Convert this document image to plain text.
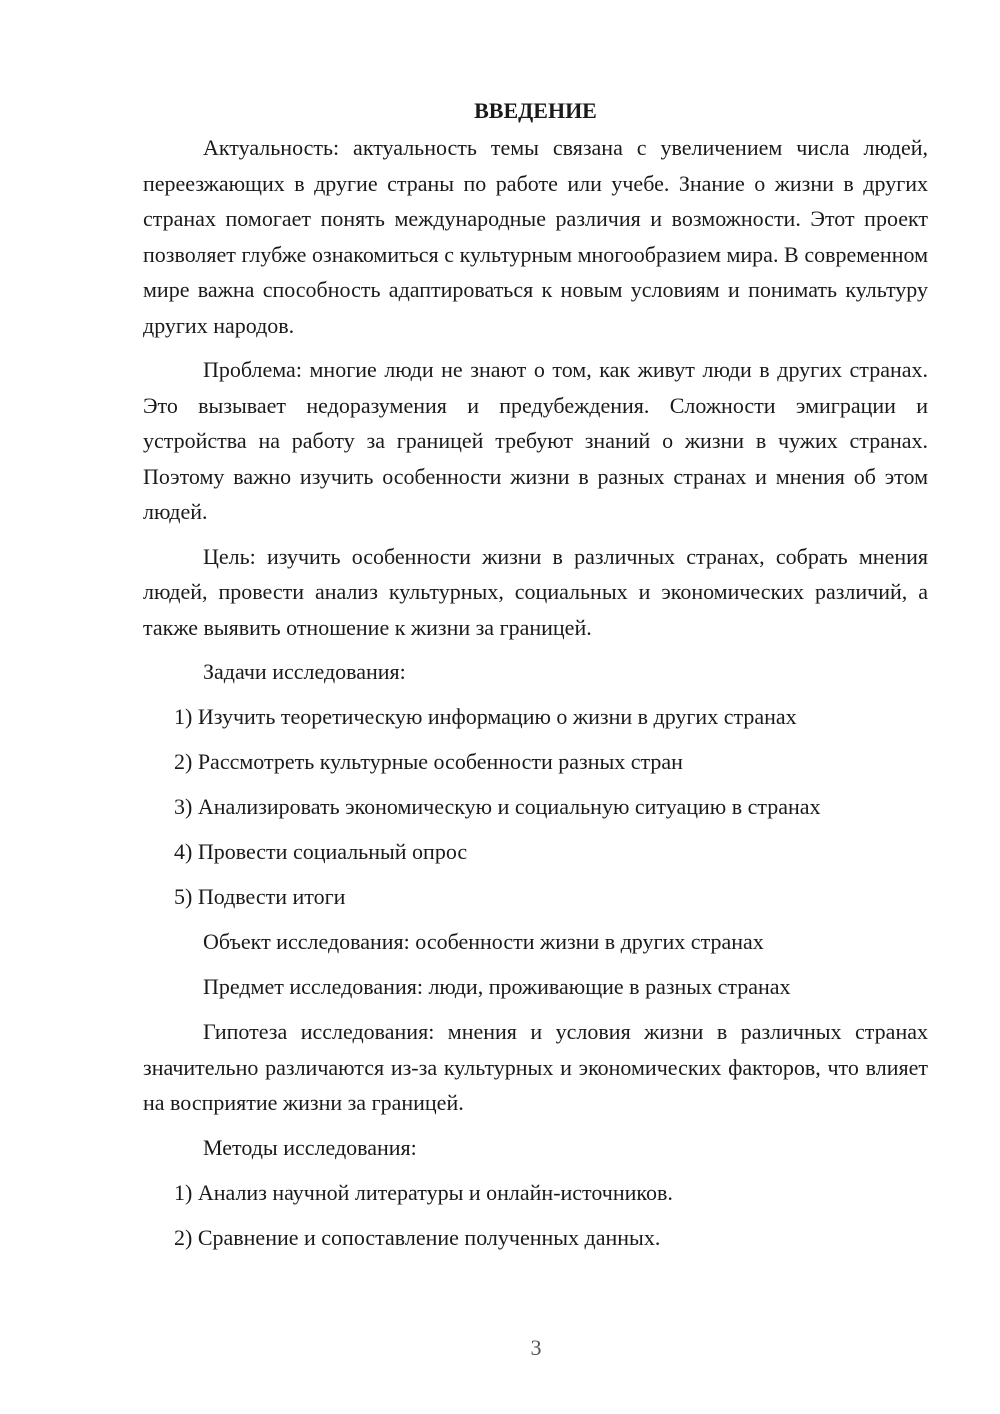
ВВЕДЕНИЕ

Актуальность: актуальность темы связана с увеличением числа людей, переезжающих в другие страны по работе или учебе. Знание о жизни в других странах помогает понять международные различия и возможности. Этот проект позволяет глубже ознакомиться с культурным многообразием мира. В современном мире важна способность адаптироваться к новым условиям и понимать культуру других народов.

Проблема: многие люди не знают о том, как живут люди в других странах. Это вызывает недоразумения и предубеждения. Сложности эмиграции и устройства на работу за границей требуют знаний о жизни в чужих странах. Поэтому важно изучить особенности жизни в разных странах и мнения об этом людей.

Цель: изучить особенности жизни в различных странах, собрать мнения людей, провести анализ культурных, социальных и экономических различий, а также выявить отношение к жизни за границей.

Задачи исследования:
1) Изучить теоретическую информацию о жизни в других странах
2) Рассмотреть культурные особенности разных стран
3) Анализировать экономическую и социальную ситуацию в странах
4) Провести социальный опрос
5) Подвести итоги
Объект исследования: особенности жизни в других странах
Предмет исследования: люди, проживающие в разных странах

Гипотеза исследования: мнения и условия жизни в различных странах значительно различаются из-за культурных и экономических факторов, что влияет на восприятие жизни за границей.

Методы исследования:
1) Анализ научной литературы и онлайн-источников.
2) Сравнение и сопоставление полученных данных.
3
